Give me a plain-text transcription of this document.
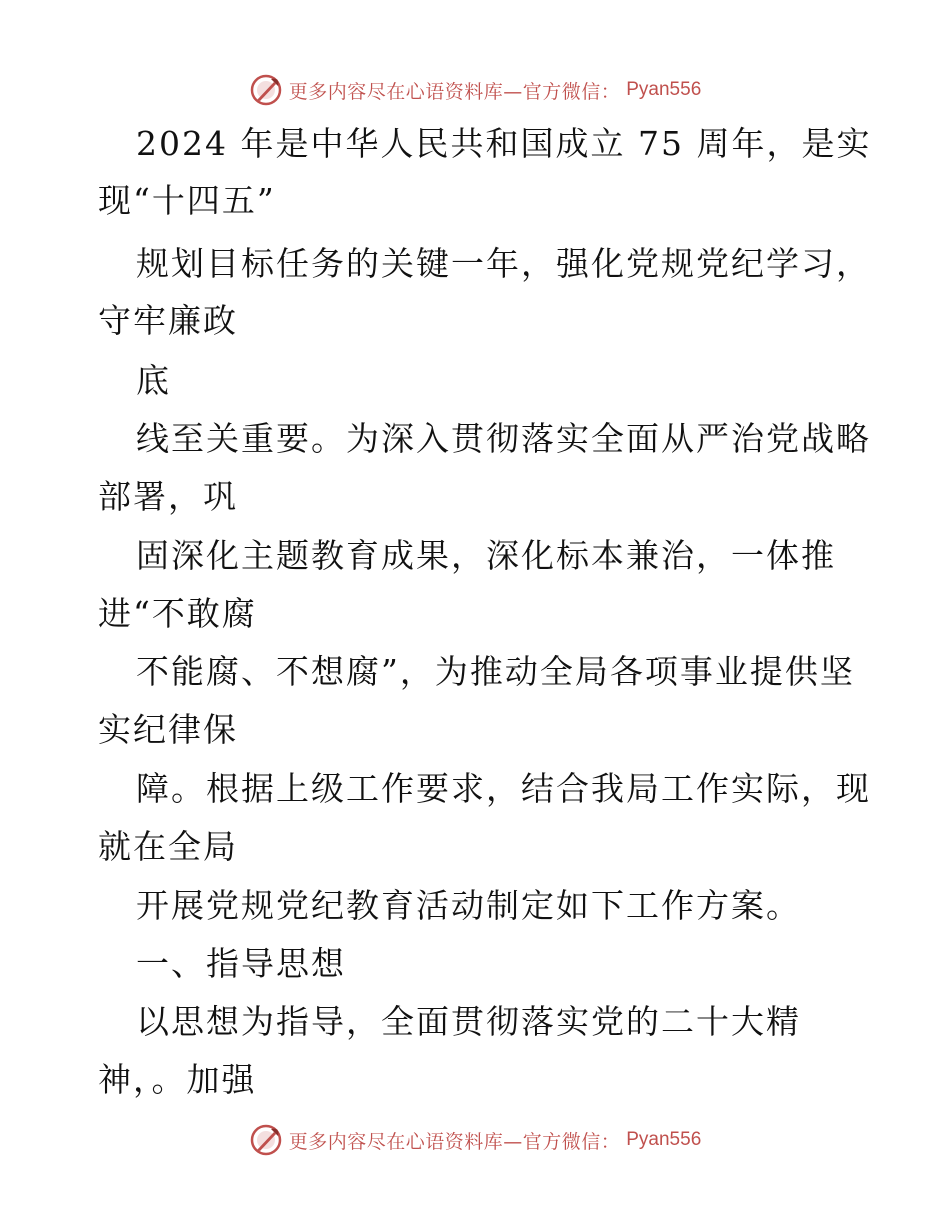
更多内容尽在心语资料库—官方微信： Pyan556
2024 年是中华人民共和国成立 75 周年，是实
现“十四五”
规划目标任务的关键一年，强化党规党纪学习，
守牢廉政
底
线至关重要。为深入贯彻落实全面从严治党战略
部署，巩
固深化主题教育成果，深化标本兼治，一体推
进“不敢腐
不能腐、不想腐”，为推动全局各项事业提供坚
实纪律保
障。根据上级工作要求，结合我局工作实际，现
就在全局
开展党规党纪教育活动制定如下工作方案。
一、指导思想
以思想为指导，全面贯彻落实党的二十大精
神，。加强
更多内容尽在心语资料库—官方微信： Pyan556
